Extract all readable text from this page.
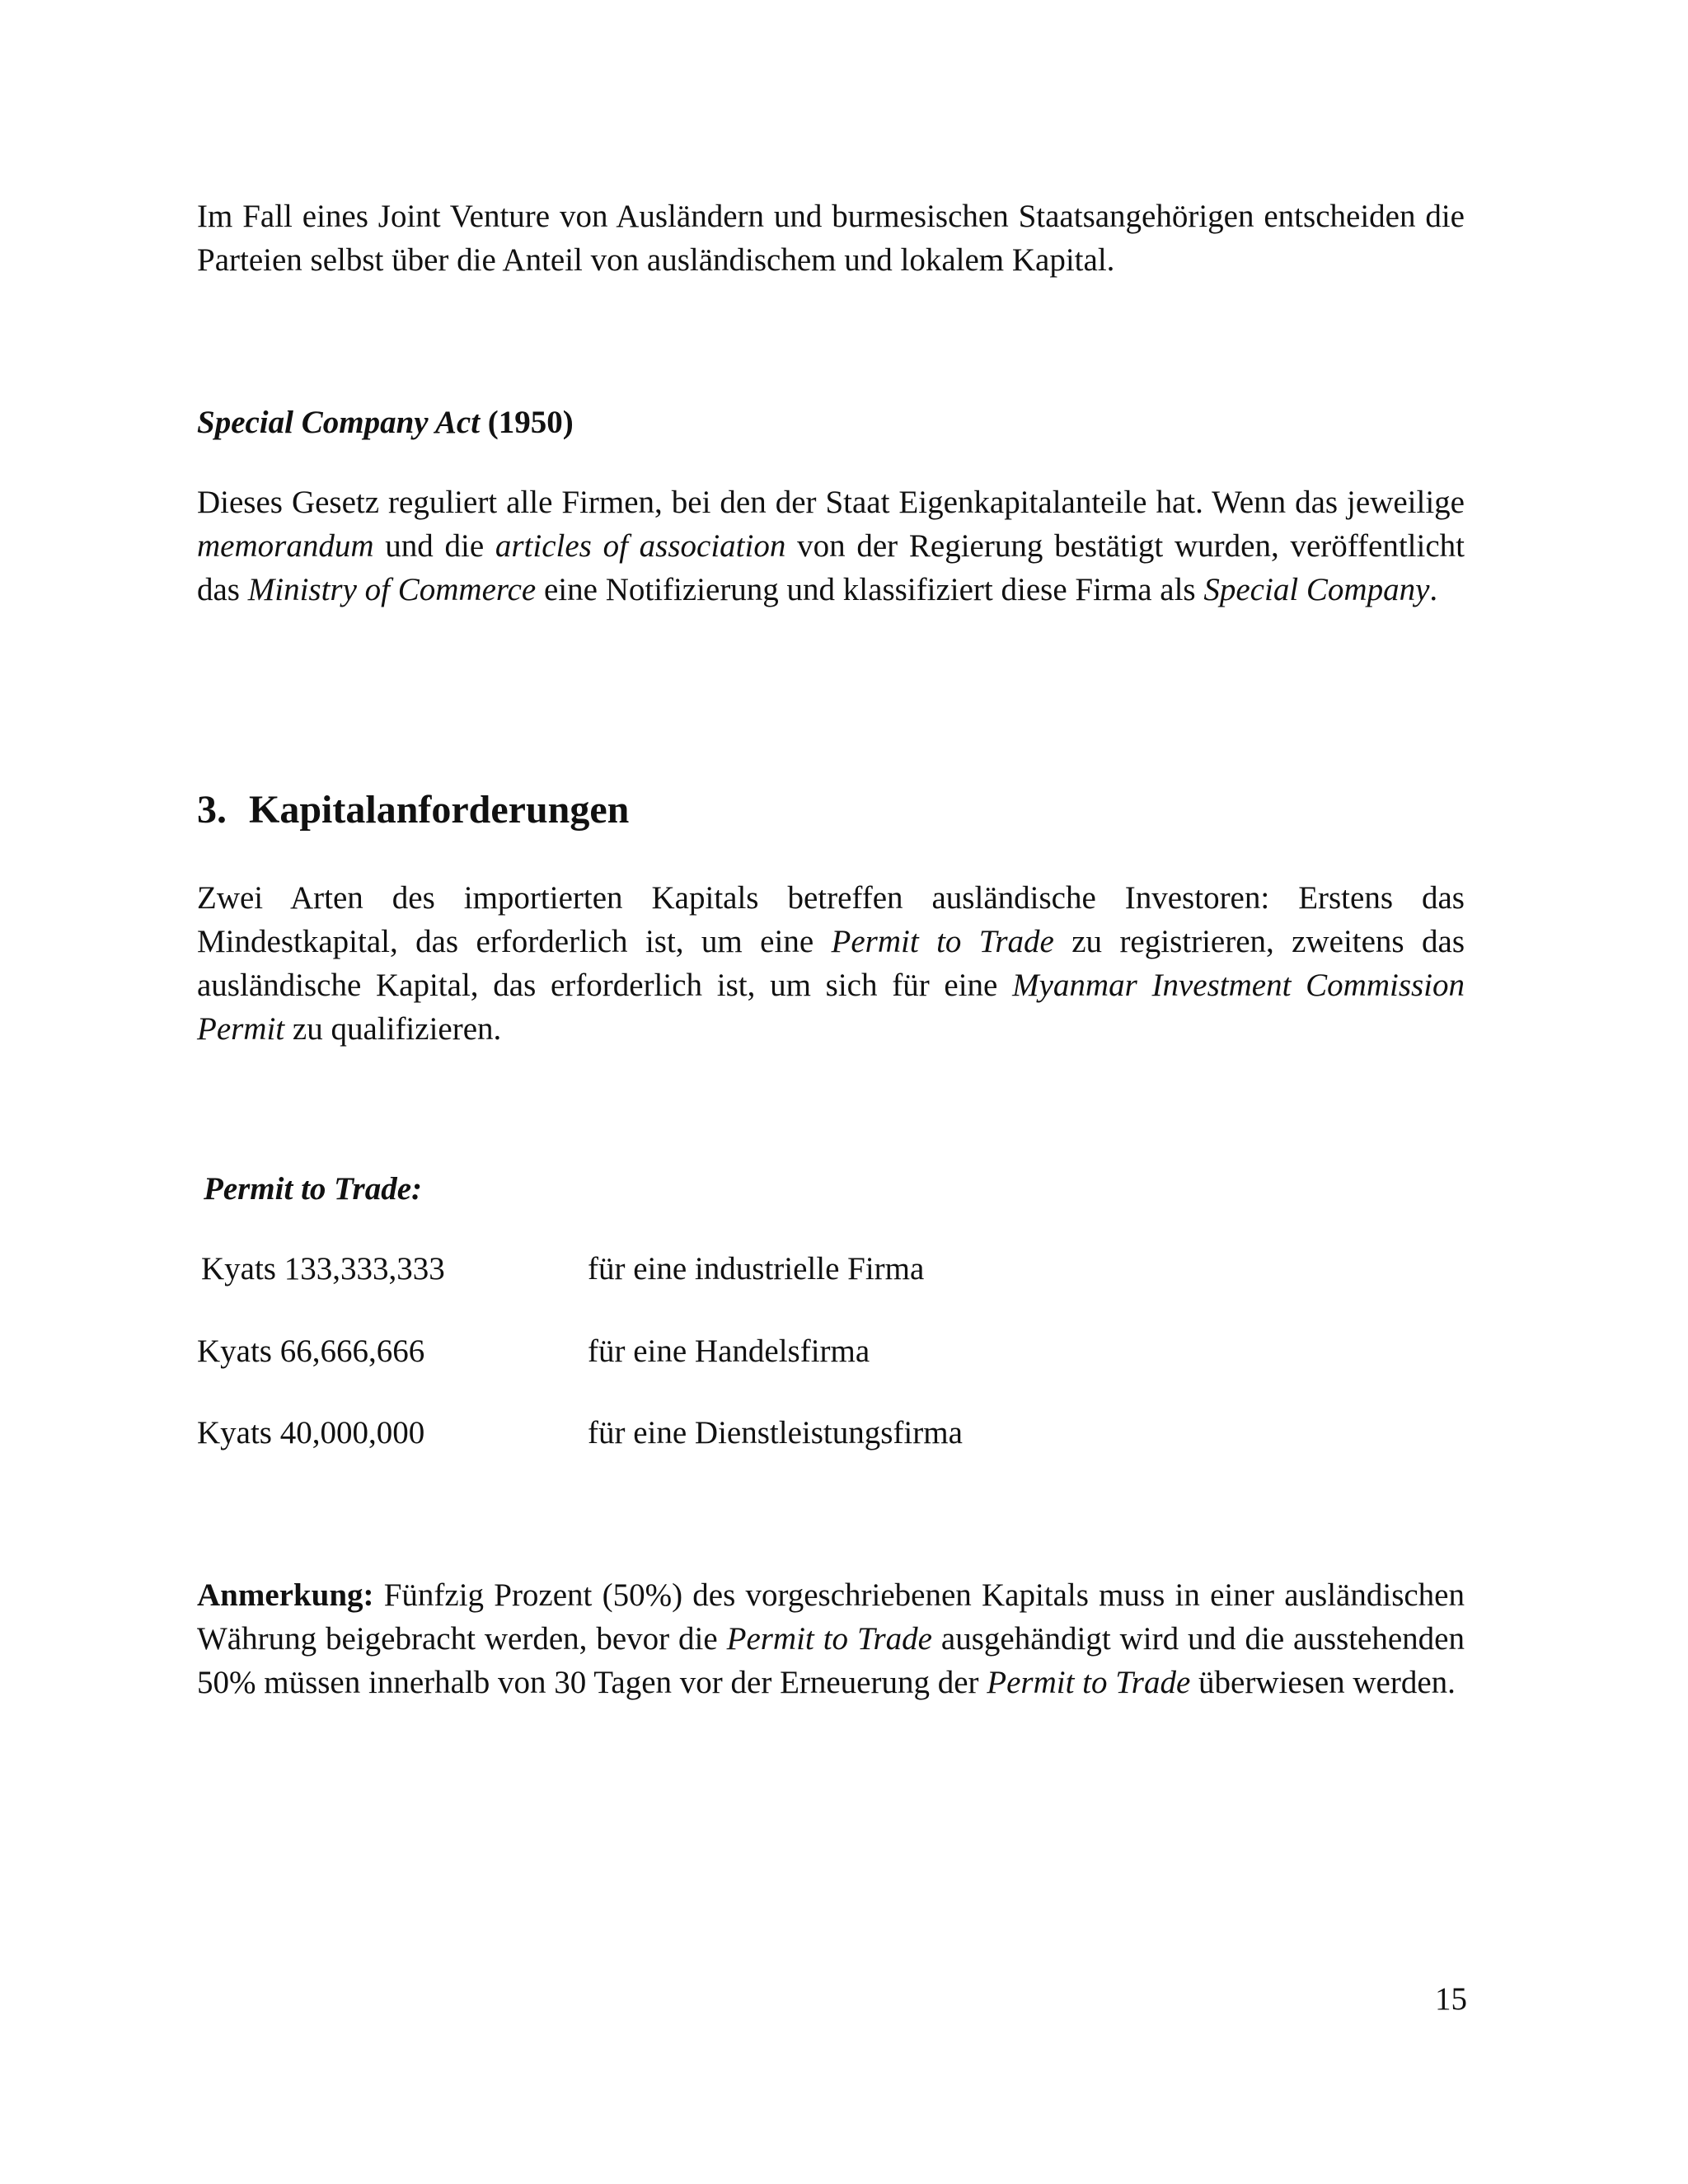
Im Fall eines Joint Venture von Ausländern und burmesischen Staatsangehörigen entscheiden die Parteien selbst über die Anteil von ausländischem und lokalem Kapital.

Special Company Act (1950)

Dieses Gesetz reguliert alle Firmen, bei den der Staat Eigenkapitalanteile hat. Wenn das jeweilige memorandum und die articles of association von der Regierung bestätigt wurden, veröffentlicht das Ministry of Commerce eine Notifizierung und klassifiziert diese Firma als Special Company.

3. Kapitalanforderungen

Zwei Arten des importierten Kapitals betreffen ausländische Investoren: Erstens das Mindestkapital, das erforderlich ist, um eine Permit to Trade zu registrieren, zweitens das ausländische Kapital, das erforderlich ist, um sich für eine Myanmar Investment Commission Permit zu qualifizieren.

Permit to Trade:
Kyats 133,333,333	für eine industrielle Firma
Kyats 66,666,666	für eine Handelsfirma
Kyats 40,000,000	für eine Dienstleistungsfirma

Anmerkung: Fünfzig Prozent (50%) des vorgeschriebenen Kapitals muss in einer ausländischen Währung beigebracht werden, bevor die Permit to Trade ausgehändigt wird und die ausstehenden 50% müssen innerhalb von 30 Tagen vor der Erneuerung der Permit to Trade überwiesen werden.

15
